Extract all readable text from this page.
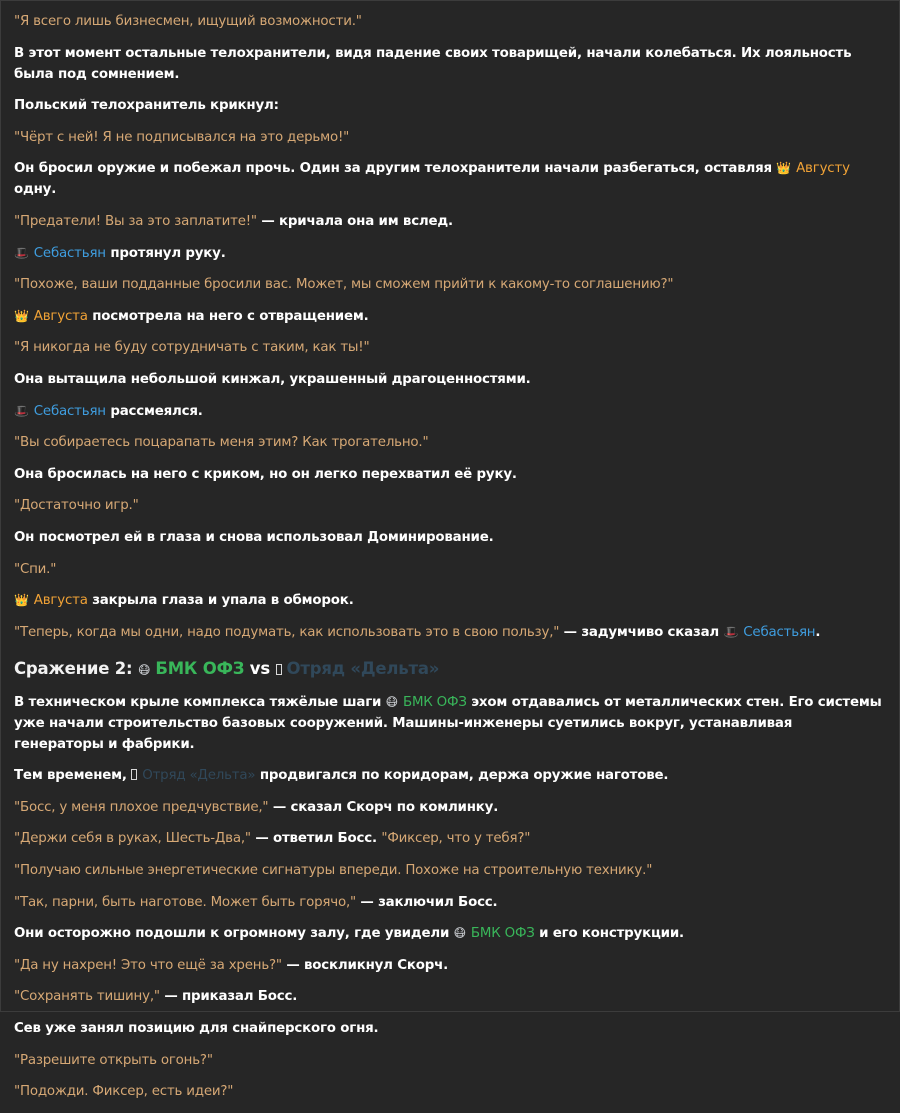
"Я всего лишь бизнесмен, ищущий возможности."
В этот момент остальные телохранители, видя падение своих товарищей, начали колебаться. Их лояльность была под сомнением.
Польский телохранитель крикнул:
"Чёрт с ней! Я не подписывался на это дерьмо!"
Он бросил оружие и побежал прочь. Один за другим телохранители начали разбегаться, оставляя 👑 Августу одну.
"Предатели! Вы за это заплатите!" — кричала она им вслед.
🎩 Себастьян протянул руку.
"Похоже, ваши подданные бросили вас. Может, мы сможем прийти к какому-то соглашению?"
👑 Августа посмотрела на него с отвращением.
"Я никогда не буду сотрудничать с таким, как ты!"
Она вытащила небольшой кинжал, украшенный драгоценностями.
🎩 Себастьян рассмеялся.
"Вы собираетесь поцарапать меня этим? Как трогательно."
Она бросилась на него с криком, но он легко перехватил её руку.
"Достаточно игр."
Он посмотрел ей в глаза и снова использовал Доминирование.
"Спи."
👑 Августа закрыла глаза и упала в обморок.
"Теперь, когда мы одни, надо подумать, как использовать это в свою пользу," — задумчиво сказал 🎩 Себастьян.
Сражение 2: 😷 БМК ОФЗ vs Отряд «Дельта»
В техническом крыле комплекса тяжёлые шаги 😷 БМК ОФЗ эхом отдавались от металлических стен. Его системы уже начали строительство базовых сооружений. Машины-инженеры суетились вокруг, устанавливая генераторы и фабрики.
Тем временем, Отряд «Дельта» продвигался по коридорам, держа оружие наготове.
"Босс, у меня плохое предчувствие," — сказал Скорч по комлинку.
"Держи себя в руках, Шесть-Два," — ответил Босс. "Фиксер, что у тебя?"
"Получаю сильные энергетические сигнатуры впереди. Похоже на строительную технику."
"Так, парни, быть наготове. Может быть горячо," — заключил Босс.
Они осторожно подошли к огромному залу, где увидели 😷 БМК ОФЗ и его конструкции.
"Да ну нахрен! Это что ещё за хрень?" — воскликнул Скорч.
"Сохранять тишину," — приказал Босс.
Сев уже занял позицию для снайперского огня.
"Разрешите открыть огонь?"
"Подожди. Фиксер, есть идеи?"
